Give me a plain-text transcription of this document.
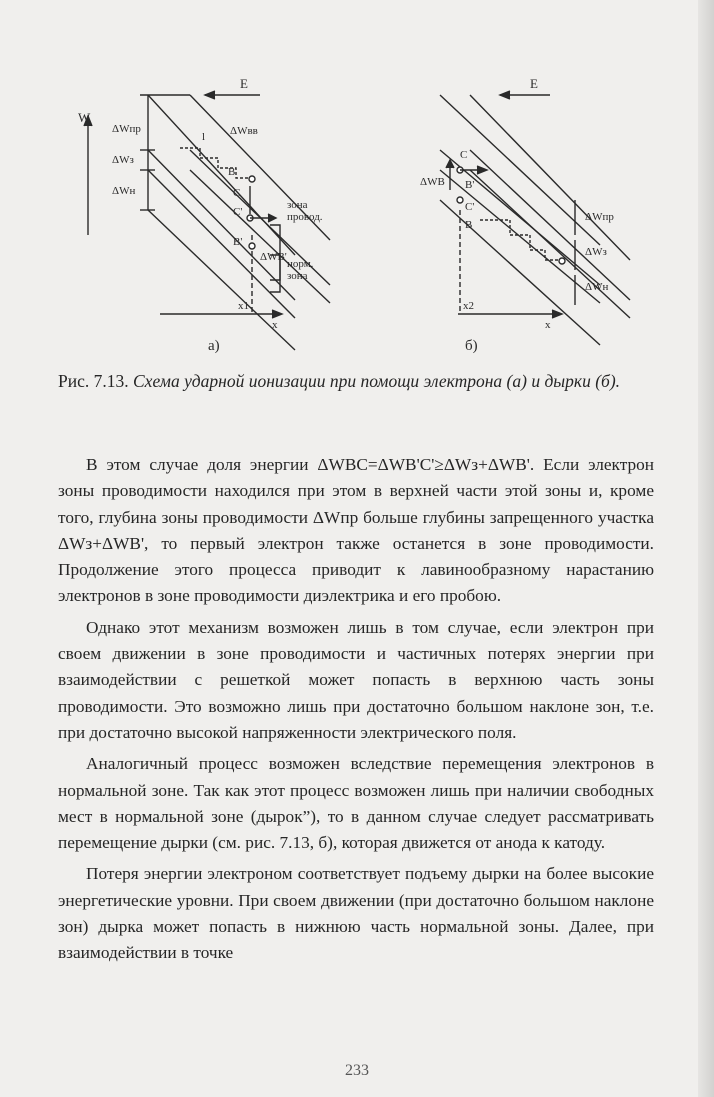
W
E	E
ΔWпр
ΔWз
ΔWн
ΔWвв
l
B
C
C'
B'
ΔWB'
зона
провод.
норм.
зона
x1
x
C
B'
C'
B
ΔWB
ΔWпр
ΔWз
ΔWн
x2
x
а)	б)
Рис. 7.13. Схема ударной ионизации при помощи электрона (а) и дырки (б).

В этом случае доля энергии ΔWBC=ΔWB'C'≥ΔWз+ΔWB'. Если электрон зоны проводимости находился при этом в верхней части этой зоны и, кроме того, глубина зоны проводимости ΔWпр больше глубины запрещенного участка ΔWз+ΔWB', то первый электрон также останется в зоне проводимости. Продолжение этого процесса приводит к лавинообразному нарастанию электронов в зоне проводимости диэлектрика и его пробою.

Однако этот механизм возможен лишь в том случае, если электрон при своем движении в зоне проводимости и частичных потерях энергии при взаимодействии с решеткой может попасть в верхнюю часть зоны проводимости. Это возможно лишь при достаточно большом наклоне зон, т.е. при достаточно высокой напряженности электрического поля.

Аналогичный процесс возможен вследствие перемещения электронов в нормальной зоне. Так как этот процесс возможен лишь при наличии свободных мест в нормальной зоне (дырок”), то в данном случае следует рассматривать перемещение дырки (см. рис. 7.13, б), которая движется от анода к катоду.

Потеря энергии электроном соответствует подъему дырки на более высокие энергетические уровни. При своем движении (при достаточно большом наклоне зон) дырка может попасть в нижнюю часть нормальной зоны. Далее, при взаимодействии в точке

233
